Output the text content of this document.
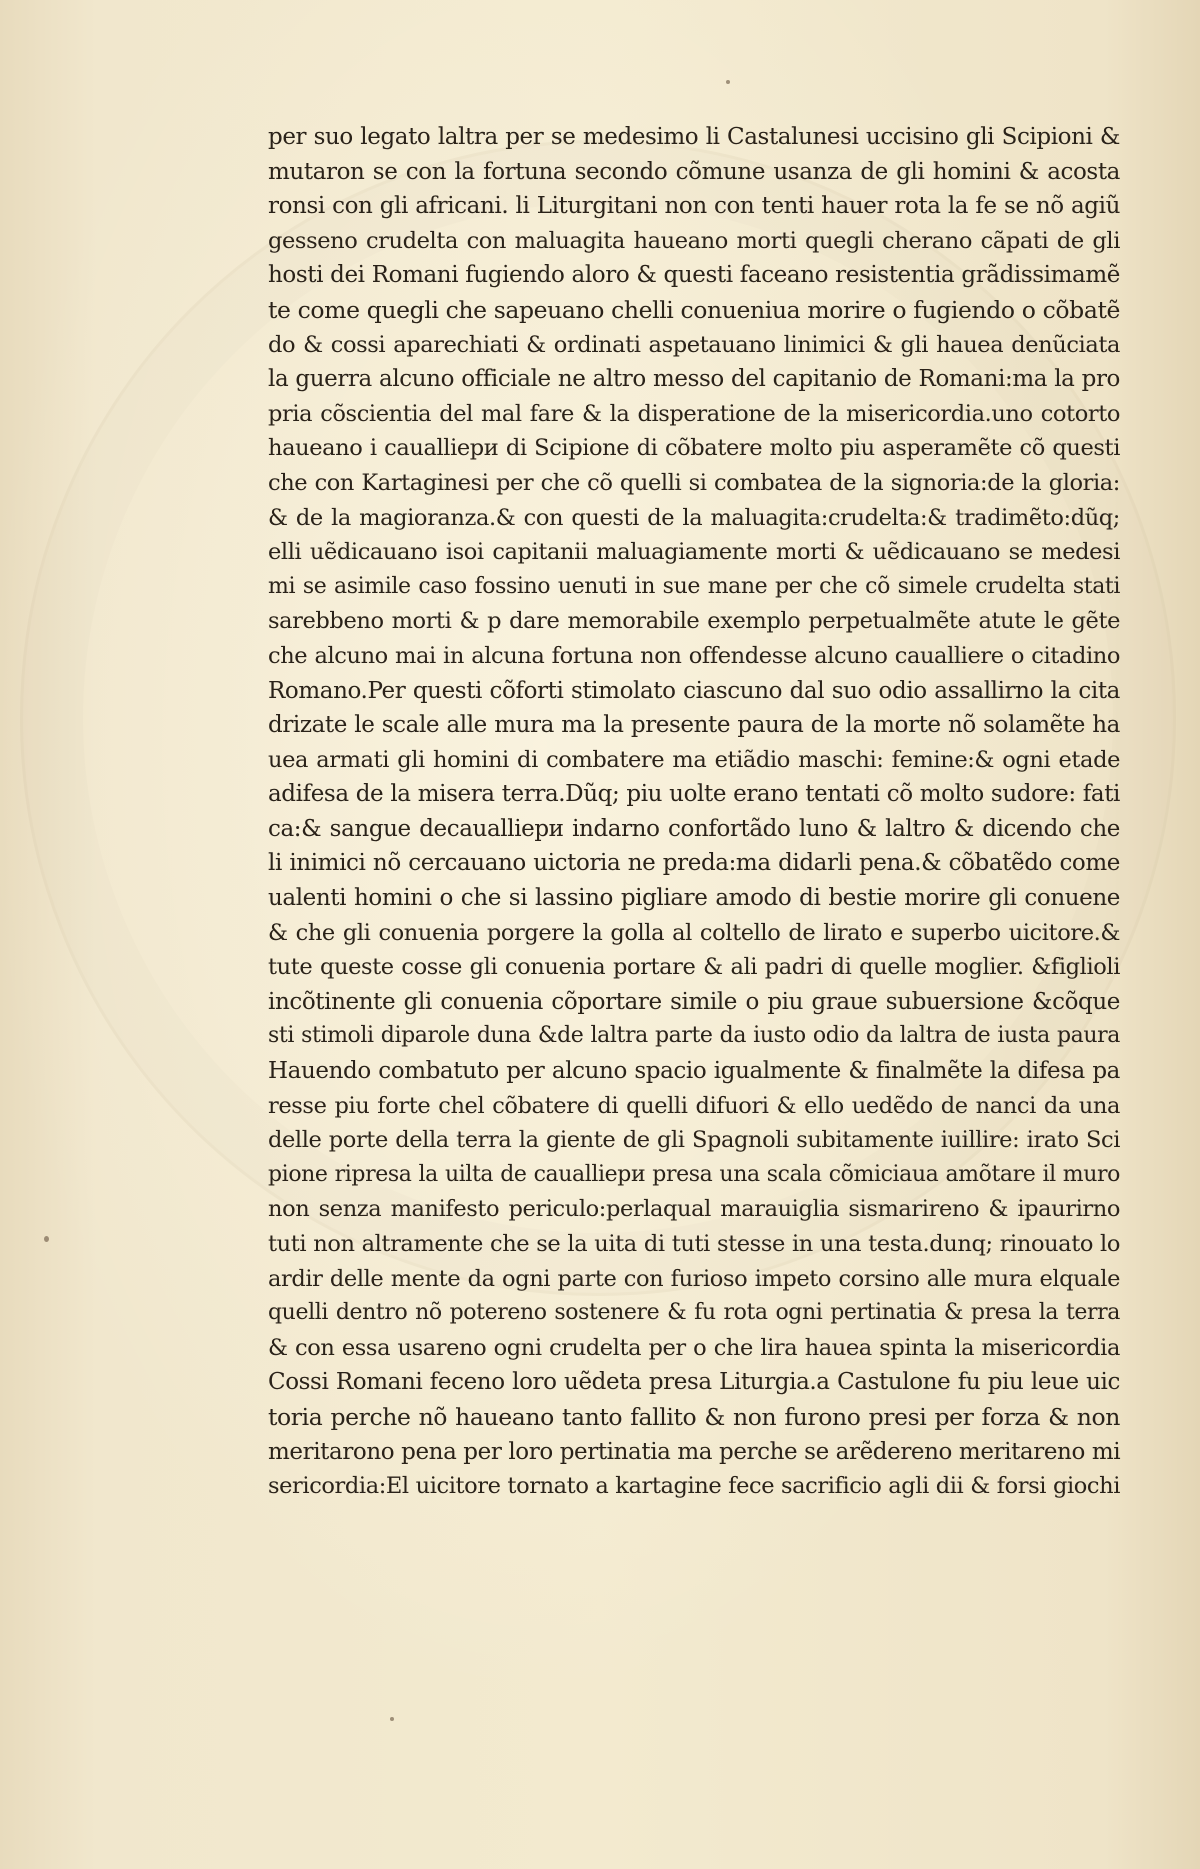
per suo legato laltra per se medesimo li Castalunesi uccisino gli Scipioni &
mutaron se con la fortuna secondo cõmune usanza de gli homini & acosta
ronsi con gli africani. li Liturgitani non con tenti hauer rota la fe se nõ agiũ
gesseno crudelta con maluagita haueano morti quegli cherano cãpati de gli
hosti dei Romani fugiendo aloro & questi faceano resistentia grãdissimamẽ
te come quegli che sapeuano chelli conueniua morire o fugiendo o cõbatẽ
do & cossi aparechiati & ordinati aspetauano linimici & gli hauea denũciata
la guerra alcuno officiale ne altro messo del capitanio de Romani:ma la pro
pria cõscientia del mal fare & la disperatione de la misericordia.uno cotorto
haueano i caualliери di Scipione di cõbatere molto piu asperamẽte cõ questi
che con Kartaginesi per che cõ quelli si combatea de la signoria:de la gloria:
& de la magioranza.& con questi de la maluagita:crudelta:& tradimẽto:dũq;
elli uẽdicauano isoi capitanii maluagiamente morti & uẽdicauano se medesi
mi se asimile caso fossino uenuti in sue mane per che cõ simele crudelta stati
sarebbeno morti & p dare memorabile exemplo perpetualmẽte atute le gẽte
che alcuno mai in alcuna fortuna non offendesse alcuno caualliere o citadino
Romano.Per questi cõforti stimolato ciascuno dal suo odio assallirno la cita
drizate le scale alle mura ma la presente paura de la morte nõ solamẽte ha
uea armati gli homini di combatere ma etiãdio maschi: femine:& ogni etade
adifesa de la misera terra.Dũq; piu uolte erano tentati cõ molto sudore: fati
ca:& sangue decaualliери indarno confortãdo luno & laltro & dicendo che
li inimici nõ cercauano uictoria ne preda:ma didarli pena.& cõbatẽdo come
ualenti homini o che si lassino pigliare amodo di bestie morire gli conuene
& che gli conuenia porgere la golla al coltello de lirato e superbo uicitore.&
tute queste cosse gli conuenia portare & ali padri di quelle moglier. &figlioli
incõtinente gli conuenia cõportare simile o piu graue subuersione &cõque
sti stimoli diparole duna &de laltra parte da iusto odio da laltra de iusta paura
Hauendo combatuto per alcuno spacio igualmente & finalmẽte la difesa pa
resse piu forte chel cõbatere di quelli difuori & ello uedẽdo de nanci da una
delle porte della terra la giente de gli Spagnoli subitamente iuillire: irato Sci
pione ripresa la uilta de caualliери presa una scala cõmiciaua amõtare il muro
non senza manifesto periculo:perlaqual marauiglia sismarireno & ipaurirno
tuti non altramente che se la uita di tuti stesse in una testa.dunq; rinouato lo
ardir delle mente da ogni parte con furioso impeto corsino alle mura elquale
quelli dentro nõ potereno sostenere & fu rota ogni pertinatia & presa la terra
& con essa usareno ogni crudelta per o che lira hauea spinta la misericordia
Cossi Romani feceno loro uẽdeta presa Liturgia.a Castulone fu piu leue uic
toria perche nõ haueano tanto fallito & non furono presi per forza & non
meritarono pena per loro pertinatia ma perche se arẽdereno meritareno mi
sericordia:El uicitore tornato a kartagine fece sacrificio agli dii & forsi giochi
